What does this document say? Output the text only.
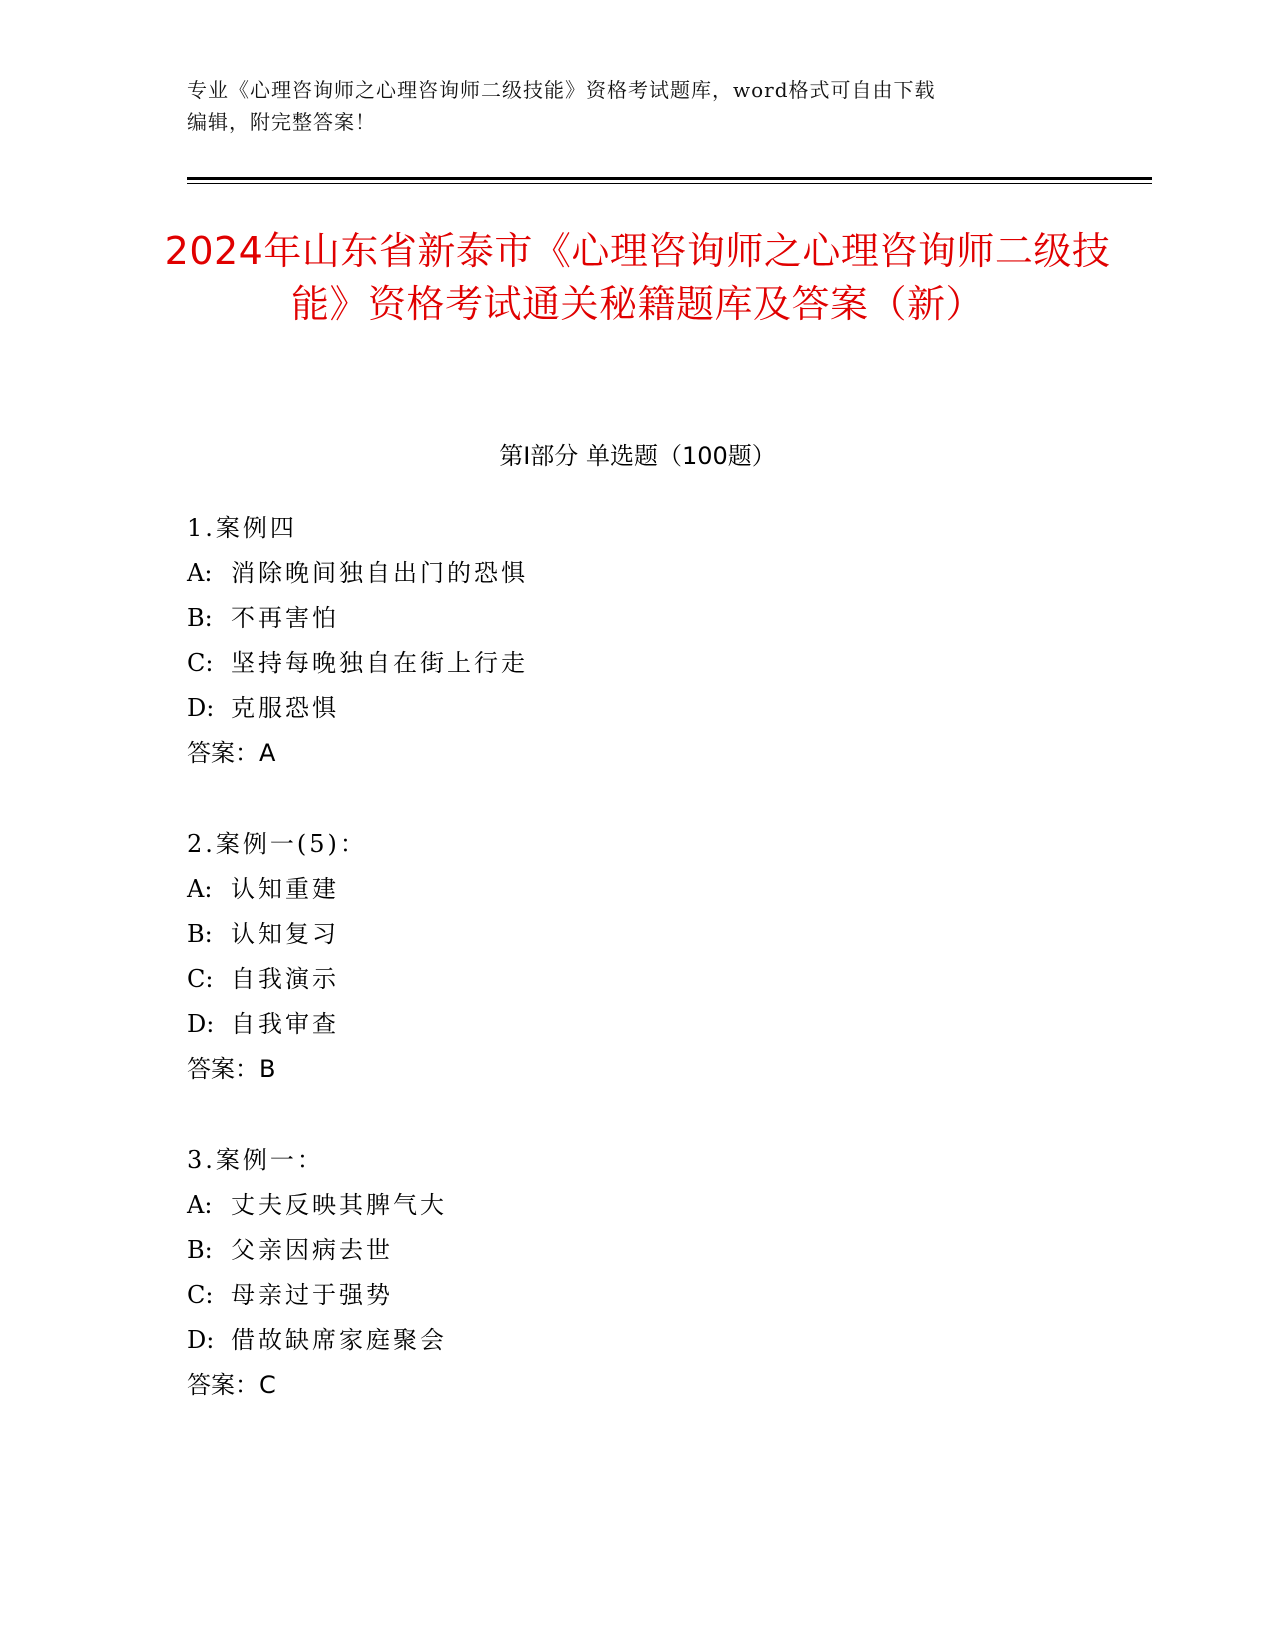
专业《心理咨询师之心理咨询师二级技能》资格考试题库，word格式可自由下载
编辑，附完整答案！
2024年山东省新泰市《心理咨询师之心理咨询师二级技能》资格考试通关秘籍题库及答案（新）
第Ⅰ部分 单选题（100题）
1.案例四
A: 消除晚间独自出门的恐惧
B: 不再害怕
C: 坚持每晚独自在街上行走
D: 克服恐惧
答案：A
2.案例一(5)：
A: 认知重建
B: 认知复习
C: 自我演示
D: 自我审查
答案：B
3.案例一：
A: 丈夫反映其脾气大
B: 父亲因病去世
C: 母亲过于强势
D: 借故缺席家庭聚会
答案：C
